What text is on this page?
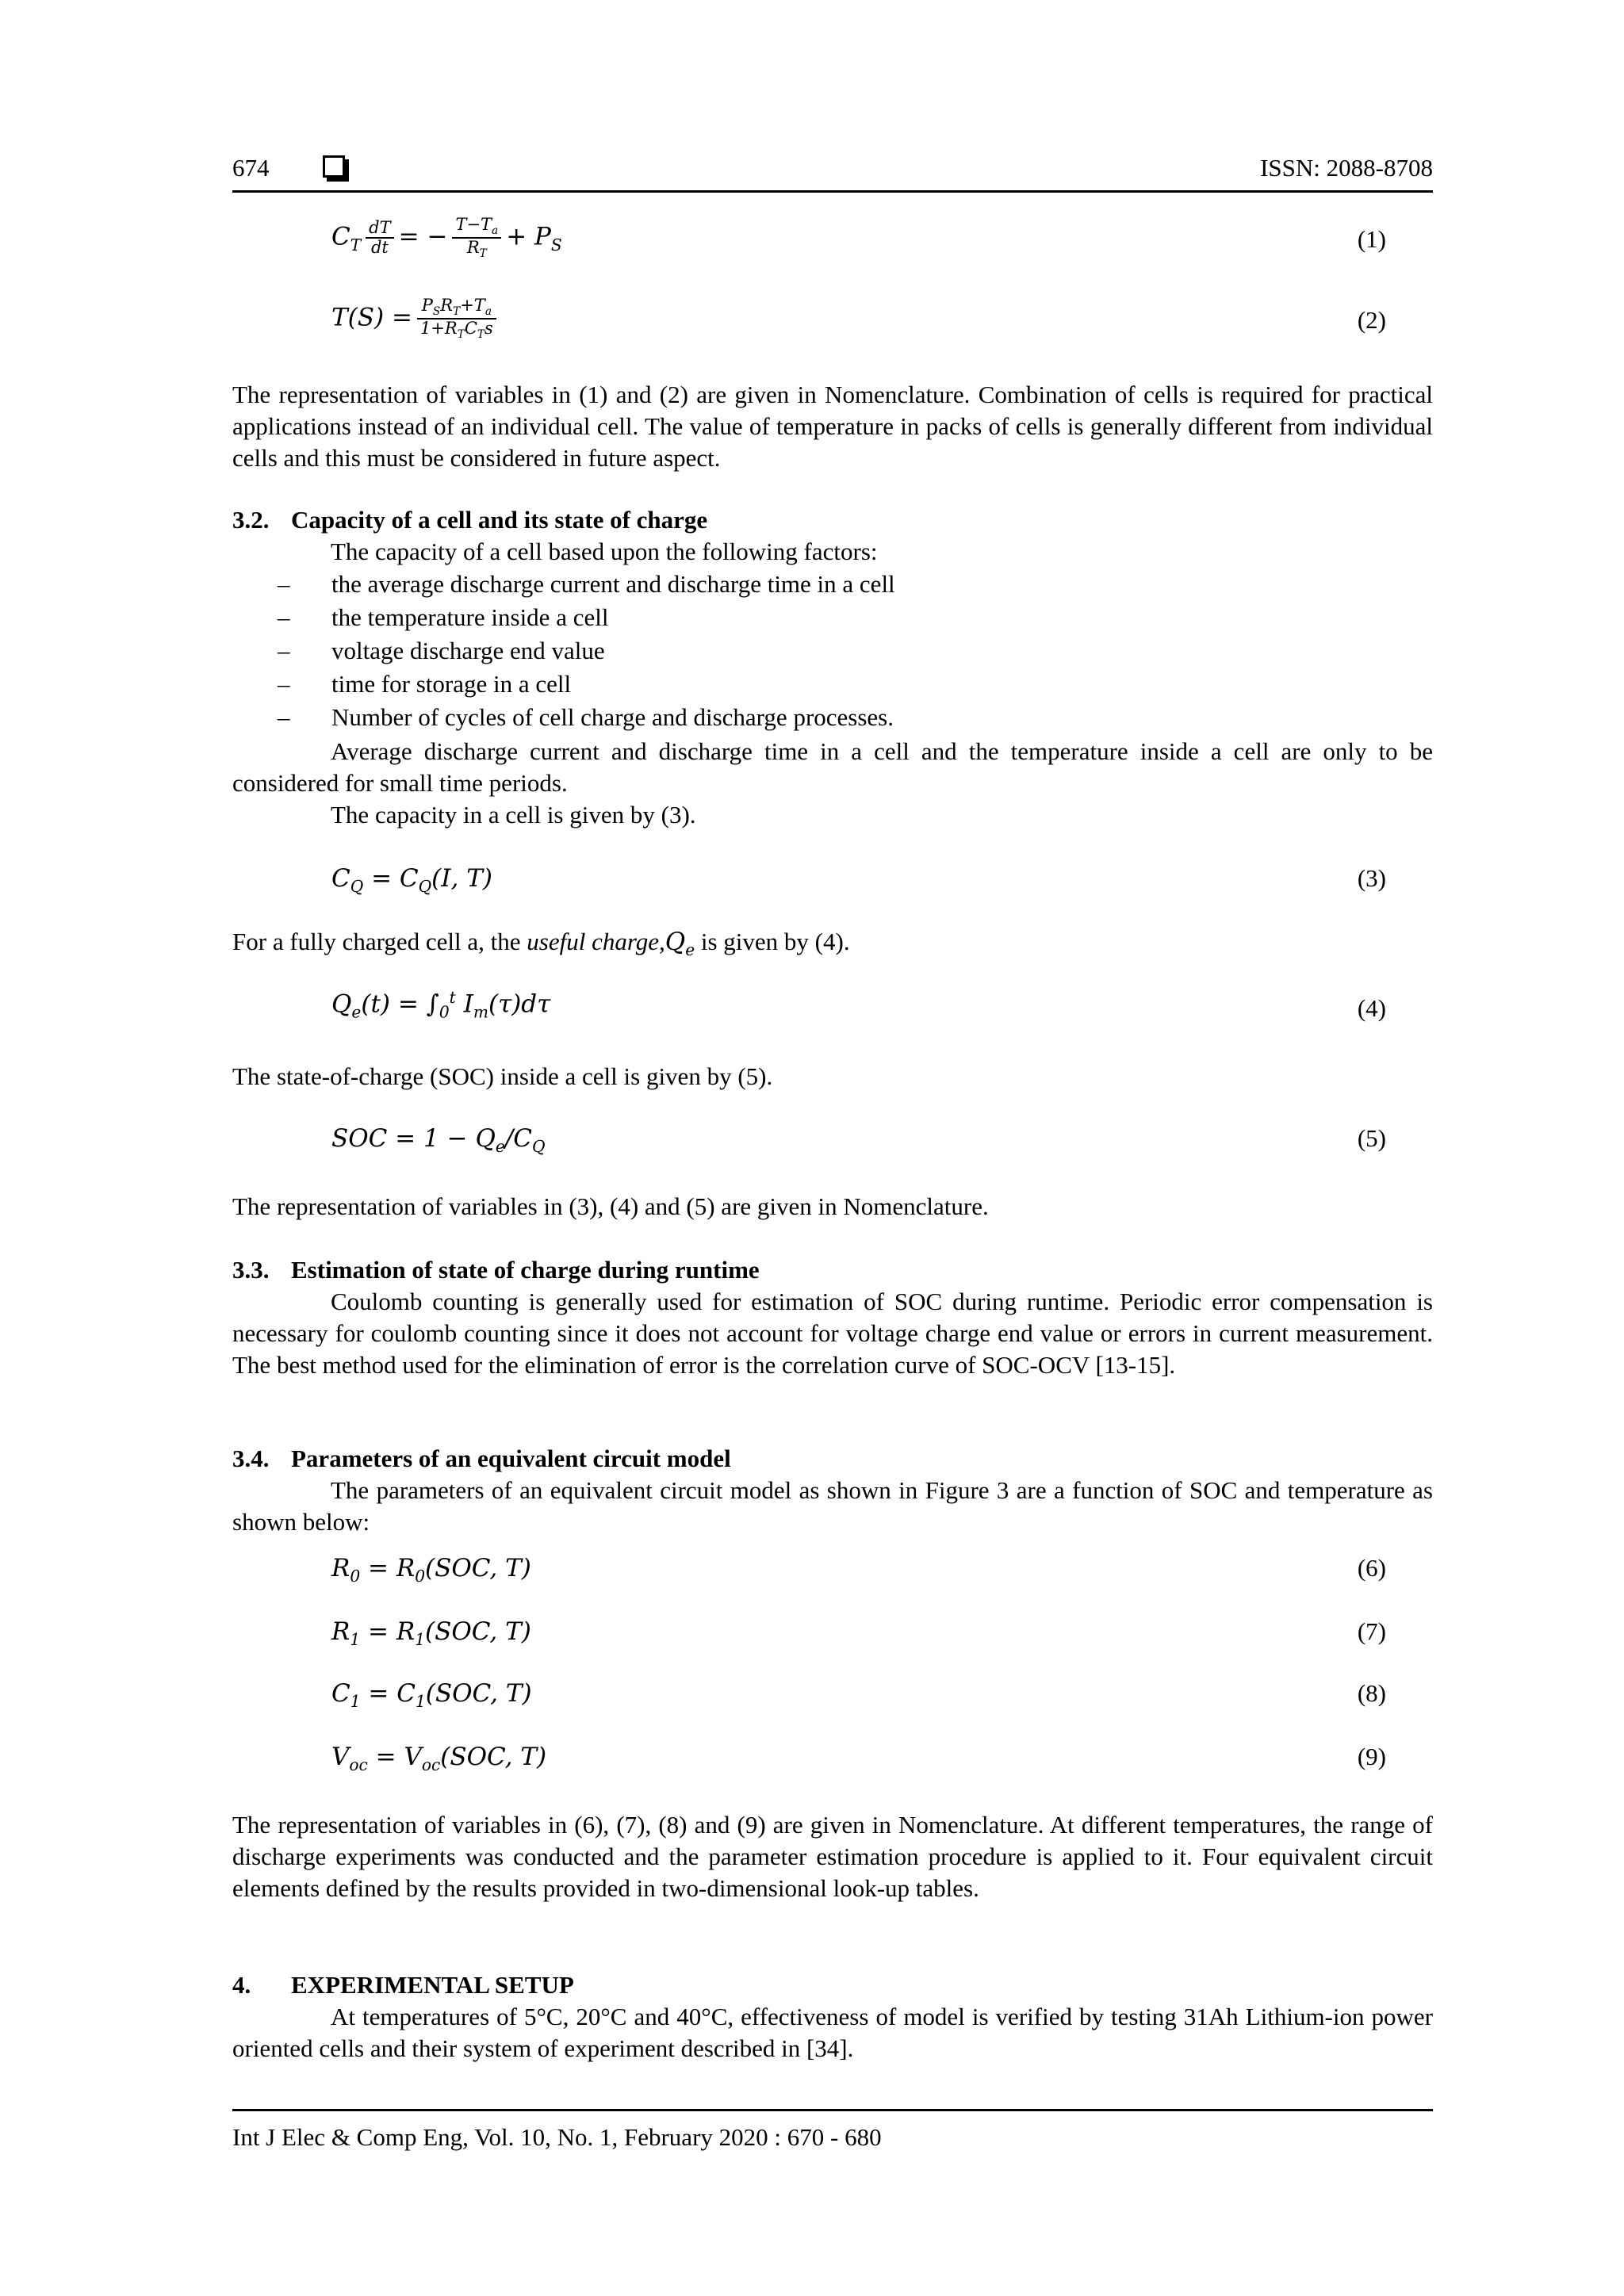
674	ISSN: 2088-8708
$C_T \frac{dT}{dt}$ = − $\frac{T-T_a}{R_T} + P_S$	(1)
$T(S) = \frac{P_SR_T+T_a}{1+R_TC_Ts}$	(2)
The representation of variables in (1) and (2) are given in Nomenclature. Combination of cells is required for practical applications instead of an individual cell. The value of temperature in packs of cells is generally different from individual cells and this must be considered in future aspect.
3.2. Capacity of a cell and its state of charge
The capacity of a cell based upon the following factors:
– the average discharge current and discharge time in a cell
– the temperature inside a cell
– voltage discharge end value
– time for storage in a cell
– Number of cycles of cell charge and discharge processes.
Average discharge current and discharge time in a cell and the temperature inside a cell are only to be considered for small time periods.
The capacity in a cell is given by (3).
$C_Q = C_Q(I$, T)	(3)
For a fully charged cell a, the useful $charge,Q_e$ is given by (4).
$Q_e(t) = \int_0^t$ $I_m(\tau)d\tau$	(4)
The state-of-charge (SOC) inside a cell is given by (5).
SOC = $1 - Q_e/C_Q$	(5)
The representation of variables in (3), (4) and (5) are given in Nomenclature.
3.3. Estimation of state of charge during runtime
Coulomb counting is generally used for estimation of SOC during runtime. Periodic error compensation is necessary for coulomb counting since it does not account for voltage charge end value or errors in current measurement. The best method used for the elimination of error is the correlation curve of SOC-OCV [13-15].
3.4. Parameters of an equivalent circuit model
The parameters of an equivalent circuit model as shown in Figure 3 are a function of SOC and temperature as shown below:
$R_0 = R_0(SOC$, T)	(6)
$R_1 = R_1(SOC$, T)	(7)
$C_1 = C_1(SOC$, T)	(8)
$V_{oc} = V_{oc}(SOC$, T)	(9)
The representation of variables in (6), (7), (8) and (9) are given in Nomenclature. At different temperatures, the range of discharge experiments was conducted and the parameter estimation procedure is applied to it. Four equivalent circuit elements defined by the results provided in two-dimensional look-up tables.
4. EXPERIMENTAL SETUP
At temperatures of 5°C, 20°C and 40°C, effectiveness of model is verified by testing 31Ah Lithium-ion power oriented cells and their system of experiment described in [34].
Int J Elec & Comp Eng, Vol. 10, No. 1, February 2020 : 670 - 680
